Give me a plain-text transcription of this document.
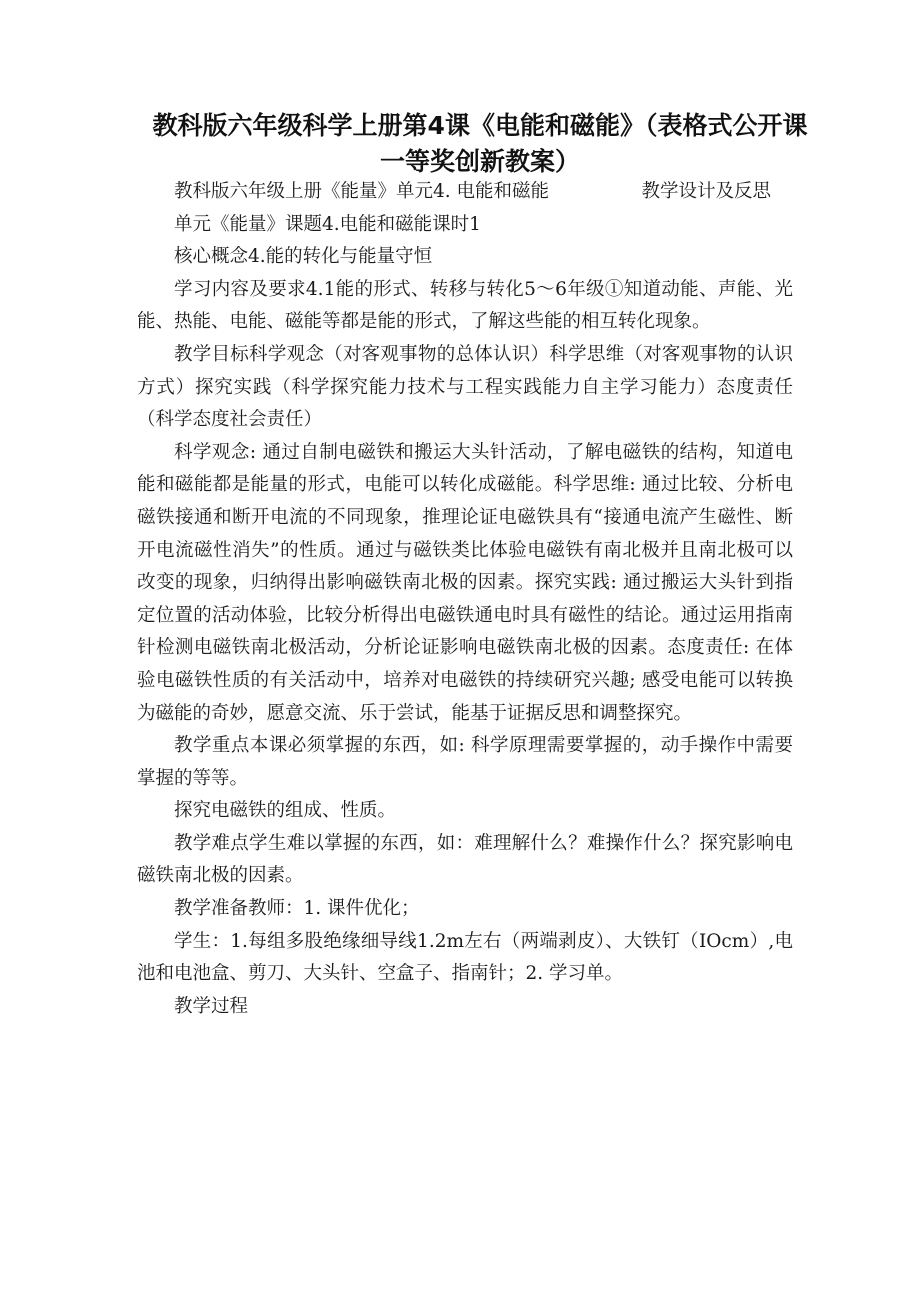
教科版六年级科学上册第4课《电能和磁能》（表格式公开课一等奖创新教案）

教科版六年级上册《能量》单元4. 电能和磁能　　　　　教学设计及反思

单元《能量》课题4.电能和磁能课时1

核心概念4.能的转化与能量守恒

学习内容及要求4.1能的形式、转移与转化5～6年级①知道动能、声能、光能、热能、电能、磁能等都是能的形式，了解这些能的相互转化现象。

教学目标科学观念（对客观事物的总体认识）科学思维（对客观事物的认识方式）探究实践（科学探究能力技术与工程实践能力自主学习能力）态度责任（科学态度社会责任）

科学观念: 通过自制电磁铁和搬运大头针活动，了解电磁铁的结构，知道电能和磁能都是能量的形式，电能可以转化成磁能。科学思维: 通过比较、分析电磁铁接通和断开电流的不同现象，推理论证电磁铁具有“接通电流产生磁性、断开电流磁性消失”的性质。通过与磁铁类比体验电磁铁有南北极并且南北极可以改变的现象，归纳得出影响磁铁南北极的因素。探究实践: 通过搬运大头针到指定位置的活动体验，比较分析得出电磁铁通电时具有磁性的结论。通过运用指南针检测电磁铁南北极活动，分析论证影响电磁铁南北极的因素。态度责任: 在体验电磁铁性质的有关活动中，培养对电磁铁的持续研究兴趣; 感受电能可以转换为磁能的奇妙，愿意交流、乐于尝试，能基于证据反思和调整探究。

教学重点本课必须掌握的东西，如: 科学原理需要掌握的，动手操作中需要掌握的等等。

探究电磁铁的组成、性质。

教学难点学生难以掌握的东西，如：难理解什么？难操作什么？探究影响电磁铁南北极的因素。

教学准备教师：1. 课件优化；

学生：1.每组多股绝缘细导线1.2m左右（两端剥皮）、大铁钉（IOcm）,电池和电池盒、剪刀、大头针、空盒子、指南针；2. 学习单。

教学过程
